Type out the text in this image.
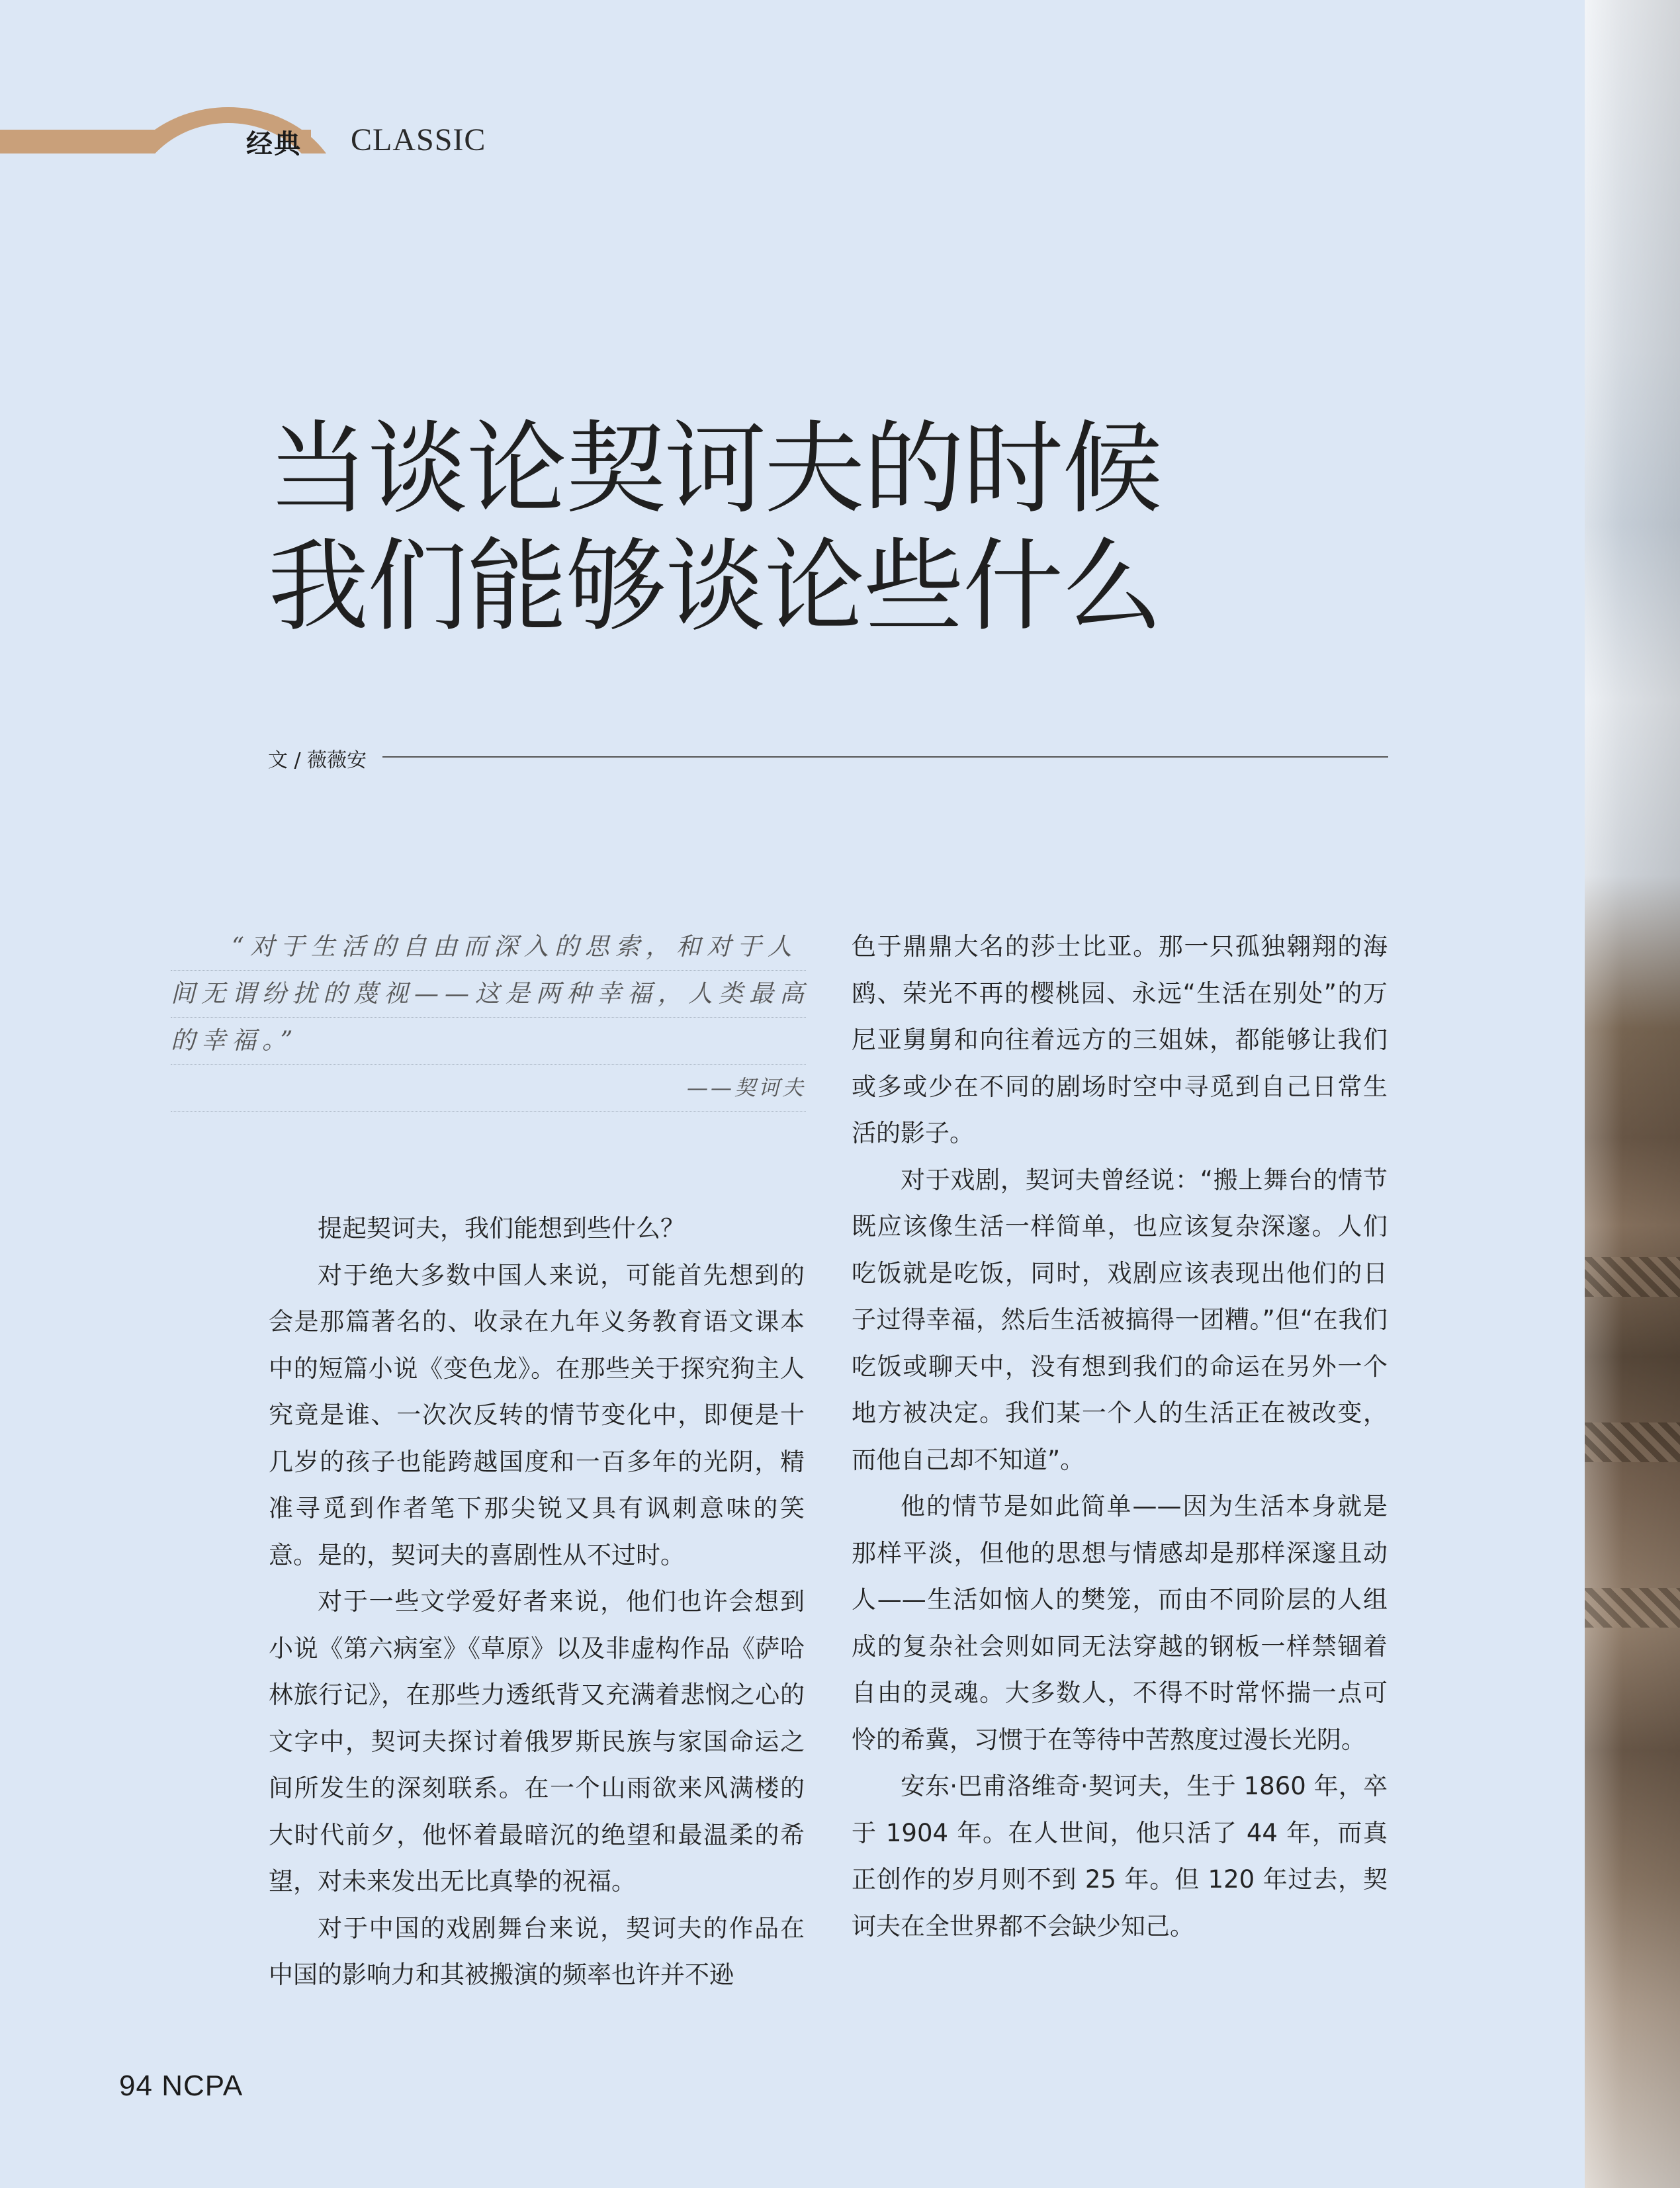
经典 CLASSIC
当谈论契诃夫的时候
我们能够谈论些什么
文 / 薇薇安
“对于生活的自由而深入的思索，和对于人
间无谓纷扰的蔑视——这是两种幸福，人类最高
的幸福。”
——契诃夫

提起契诃夫，我们能想到些什么？

对于绝大多数中国人来说，可能首先想到的会是那篇著名的、收录在九年义务教育语文课本中的短篇小说《变色龙》。在那些关于探究狗主人究竟是谁、一次次反转的情节变化中，即便是十几岁的孩子也能跨越国度和一百多年的光阴，精准寻觅到作者笔下那尖锐又具有讽刺意味的笑意。是的，契诃夫的喜剧性从不过时。

对于一些文学爱好者来说，他们也许会想到小说《第六病室》《草原》以及非虚构作品《萨哈林旅行记》，在那些力透纸背又充满着悲悯之心的文字中，契诃夫探讨着俄罗斯民族与家国命运之间所发生的深刻联系。在一个山雨欲来风满楼的大时代前夕，他怀着最暗沉的绝望和最温柔的希望，对未来发出无比真挚的祝福。

对于中国的戏剧舞台来说，契诃夫的作品在中国的影响力和其被搬演的频率也许并不逊

色于鼎鼎大名的莎士比亚。那一只孤独翱翔的海鸥、荣光不再的樱桃园、永远“生活在别处”的万尼亚舅舅和向往着远方的三姐妹，都能够让我们或多或少在不同的剧场时空中寻觅到自己日常生活的影子。

对于戏剧，契诃夫曾经说：“搬上舞台的情节既应该像生活一样简单，也应该复杂深邃。人们吃饭就是吃饭，同时，戏剧应该表现出他们的日子过得幸福，然后生活被搞得一团糟。”但“在我们吃饭或聊天中，没有想到我们的命运在另外一个地方被决定。我们某一个人的生活正在被改变，而他自己却不知道”。

他的情节是如此简单——因为生活本身就是那样平淡，但他的思想与情感却是那样深邃且动人——生活如恼人的樊笼，而由不同阶层的人组成的复杂社会则如同无法穿越的钢板一样禁锢着自由的灵魂。大多数人，不得不时常怀揣一点可怜的希冀，习惯于在等待中苦熬度过漫长光阴。

安东·巴甫洛维奇·契诃夫，生于 1860 年，卒于 1904 年。在人世间，他只活了 44 年，而真正创作的岁月则不到 25 年。但 120 年过去，契诃夫在全世界都不会缺少知己。

94 NCPA
